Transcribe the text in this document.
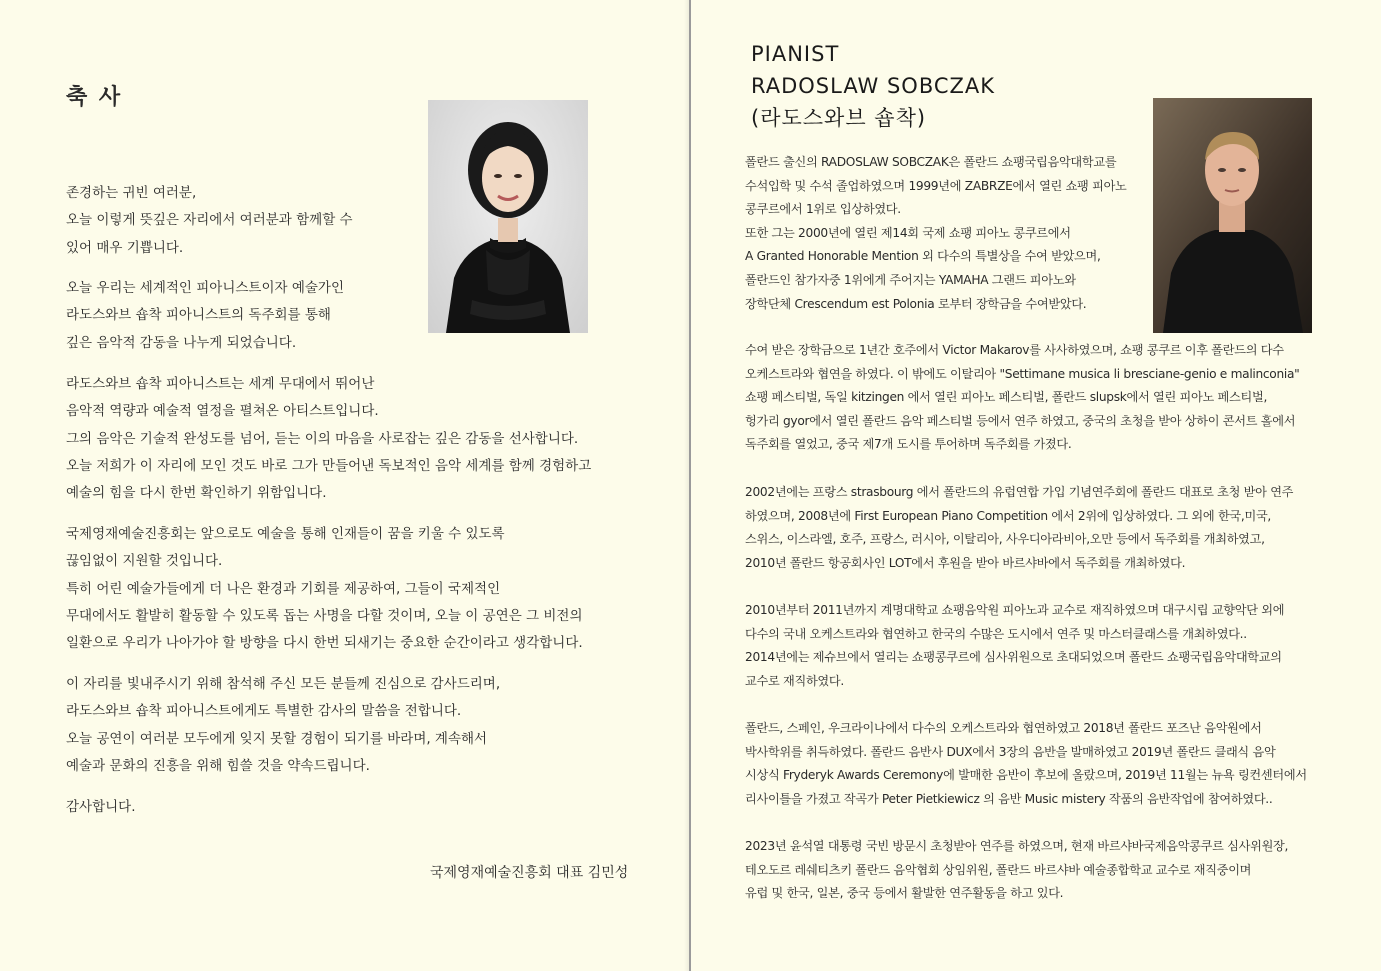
축 사
존경하는 귀빈 여러분,
오늘 이렇게 뜻깊은 자리에서 여러분과 함께할 수
있어 매우 기쁩니다.
오늘 우리는 세계적인 피아니스트이자 예술가인
라도스와브 숍착 피아니스트의 독주회를 통해
깊은 음악적 감동을 나누게 되었습니다.
라도스와브 숍착 피아니스트는 세계 무대에서 뛰어난
음악적 역량과 예술적 열정을 펼쳐온 아티스트입니다.
그의 음악은 기술적 완성도를 넘어, 듣는 이의 마음을 사로잡는 깊은 감동을 선사합니다.
오늘 저희가 이 자리에 모인 것도 바로 그가 만들어낸 독보적인 음악 세계를 함께 경험하고
예술의 힘을 다시 한번 확인하기 위함입니다.
국제영재예술진흥회는 앞으로도 예술을 통해 인재들이 꿈을 키울 수 있도록
끊임없이 지원할 것입니다.
특히 어린 예술가들에게 더 나은 환경과 기회를 제공하여, 그들이 국제적인
무대에서도 활발히 활동할 수 있도록 돕는 사명을 다할 것이며, 오늘 이 공연은 그 비전의
일환으로 우리가 나아가야 할 방향을 다시 한번 되새기는 중요한 순간이라고 생각합니다.
이 자리를 빛내주시기 위해 참석해 주신 모든 분들께 진심으로 감사드리며,
라도스와브 숍착 피아니스트에게도 특별한 감사의 말씀을 전합니다.
오늘 공연이 여러분 모두에게 잊지 못할 경험이 되기를 바라며, 계속해서
예술과 문화의 진흥을 위해 힘쓸 것을 약속드립니다.
감사합니다.
국제영재예술진흥회 대표 김민성
PIANIST
RADOSLAW SOBCZAK
(라도스와브 숍착)
폴란드 출신의 RADOSLAW SOBCZAK은 폴란드 쇼팽국립음악대학교를
수석입학 및 수석 졸업하였으며 1999년에 ZABRZE에서 열린 쇼팽 피아노
콩쿠르에서 1위로 입상하였다.
또한 그는 2000년에 열린 제14회 국제 쇼팽 피아노 콩쿠르에서
A Granted Honorable Mention 외 다수의 특별상을 수여 받았으며,
폴란드인 참가자중 1위에게 주어지는 YAMAHA 그랜드 피아노와
장학단체 Crescendum est Polonia 로부터 장학금을 수여받았다.
수여 받은 장학금으로 1년간 호주에서 Victor Makarov를 사사하였으며, 쇼팽 콩쿠르 이후 폴란드의 다수
오케스트라와 협연을 하였다. 이 밖에도 이탈리아 "Settimane musica li bresciane-genio e malinconia"
쇼팽 페스티벌, 독일 kitzingen 에서 열린 피아노 페스티벌, 폴란드 slupsk에서 열린 피아노 페스티벌,
헝가리 gyor에서 열린 폴란드 음악 페스티벌 등에서 연주 하였고, 중국의 초청을 받아 상하이 콘서트 홀에서
독주회를 열었고, 중국 제7개 도시를 투어하며 독주회를 가졌다.
2002년에는 프랑스 strasbourg 에서 폴란드의 유럽연합 가입 기념연주회에 폴란드 대표로 초청 받아 연주
하였으며, 2008년에 First European Piano Competition 에서 2위에 입상하였다. 그 외에 한국,미국,
스위스, 이스라엘, 호주, 프랑스, 러시아, 이탈리아, 사우디아라비아,오만 등에서 독주회를 개최하였고,
2010년 폴란드 항공회사인 LOT에서 후원을 받아 바르샤바에서 독주회를 개최하였다.
2010년부터 2011년까지 계명대학교 쇼팽음악원 피아노과 교수로 재직하였으며 대구시립 교향악단 외에
다수의 국내 오케스트라와 협연하고 한국의 수많은 도시에서 연주 및 마스터클래스를 개최하였다..
2014년에는 제슈브에서 열리는 쇼팽콩쿠르에 심사위원으로 초대되었으며 폴란드 쇼팽국립음악대학교의
교수로 재직하였다.
폴란드, 스페인, 우크라이나에서 다수의 오케스트라와 협연하였고 2018년 폴란드 포즈난 음악원에서
박사학위를 취득하였다. 폴란드 음반사 DUX에서 3장의 음반을 발매하였고 2019년 폴란드 클래식 음악
시상식 Fryderyk Awards Ceremony에 발매한 음반이 후보에 올랐으며, 2019년 11월는 뉴욕 링컨센터에서
리사이틀을 가졌고 작곡가 Peter Pietkiewicz 의 음반 Music mistery 작품의 음반작업에 참여하였다..
2023년 윤석열 대통령 국빈 방문시 초청받아 연주를 하였으며, 현재 바르샤바국제음악콩쿠르 심사위원장,
테오도르 레쉐티츠키 폴란드 음악협회 상임위원, 폴란드 바르샤바 예술종합학교 교수로 재직중이며
유럽 및 한국, 일본, 중국 등에서 활발한 연주활동을 하고 있다.
